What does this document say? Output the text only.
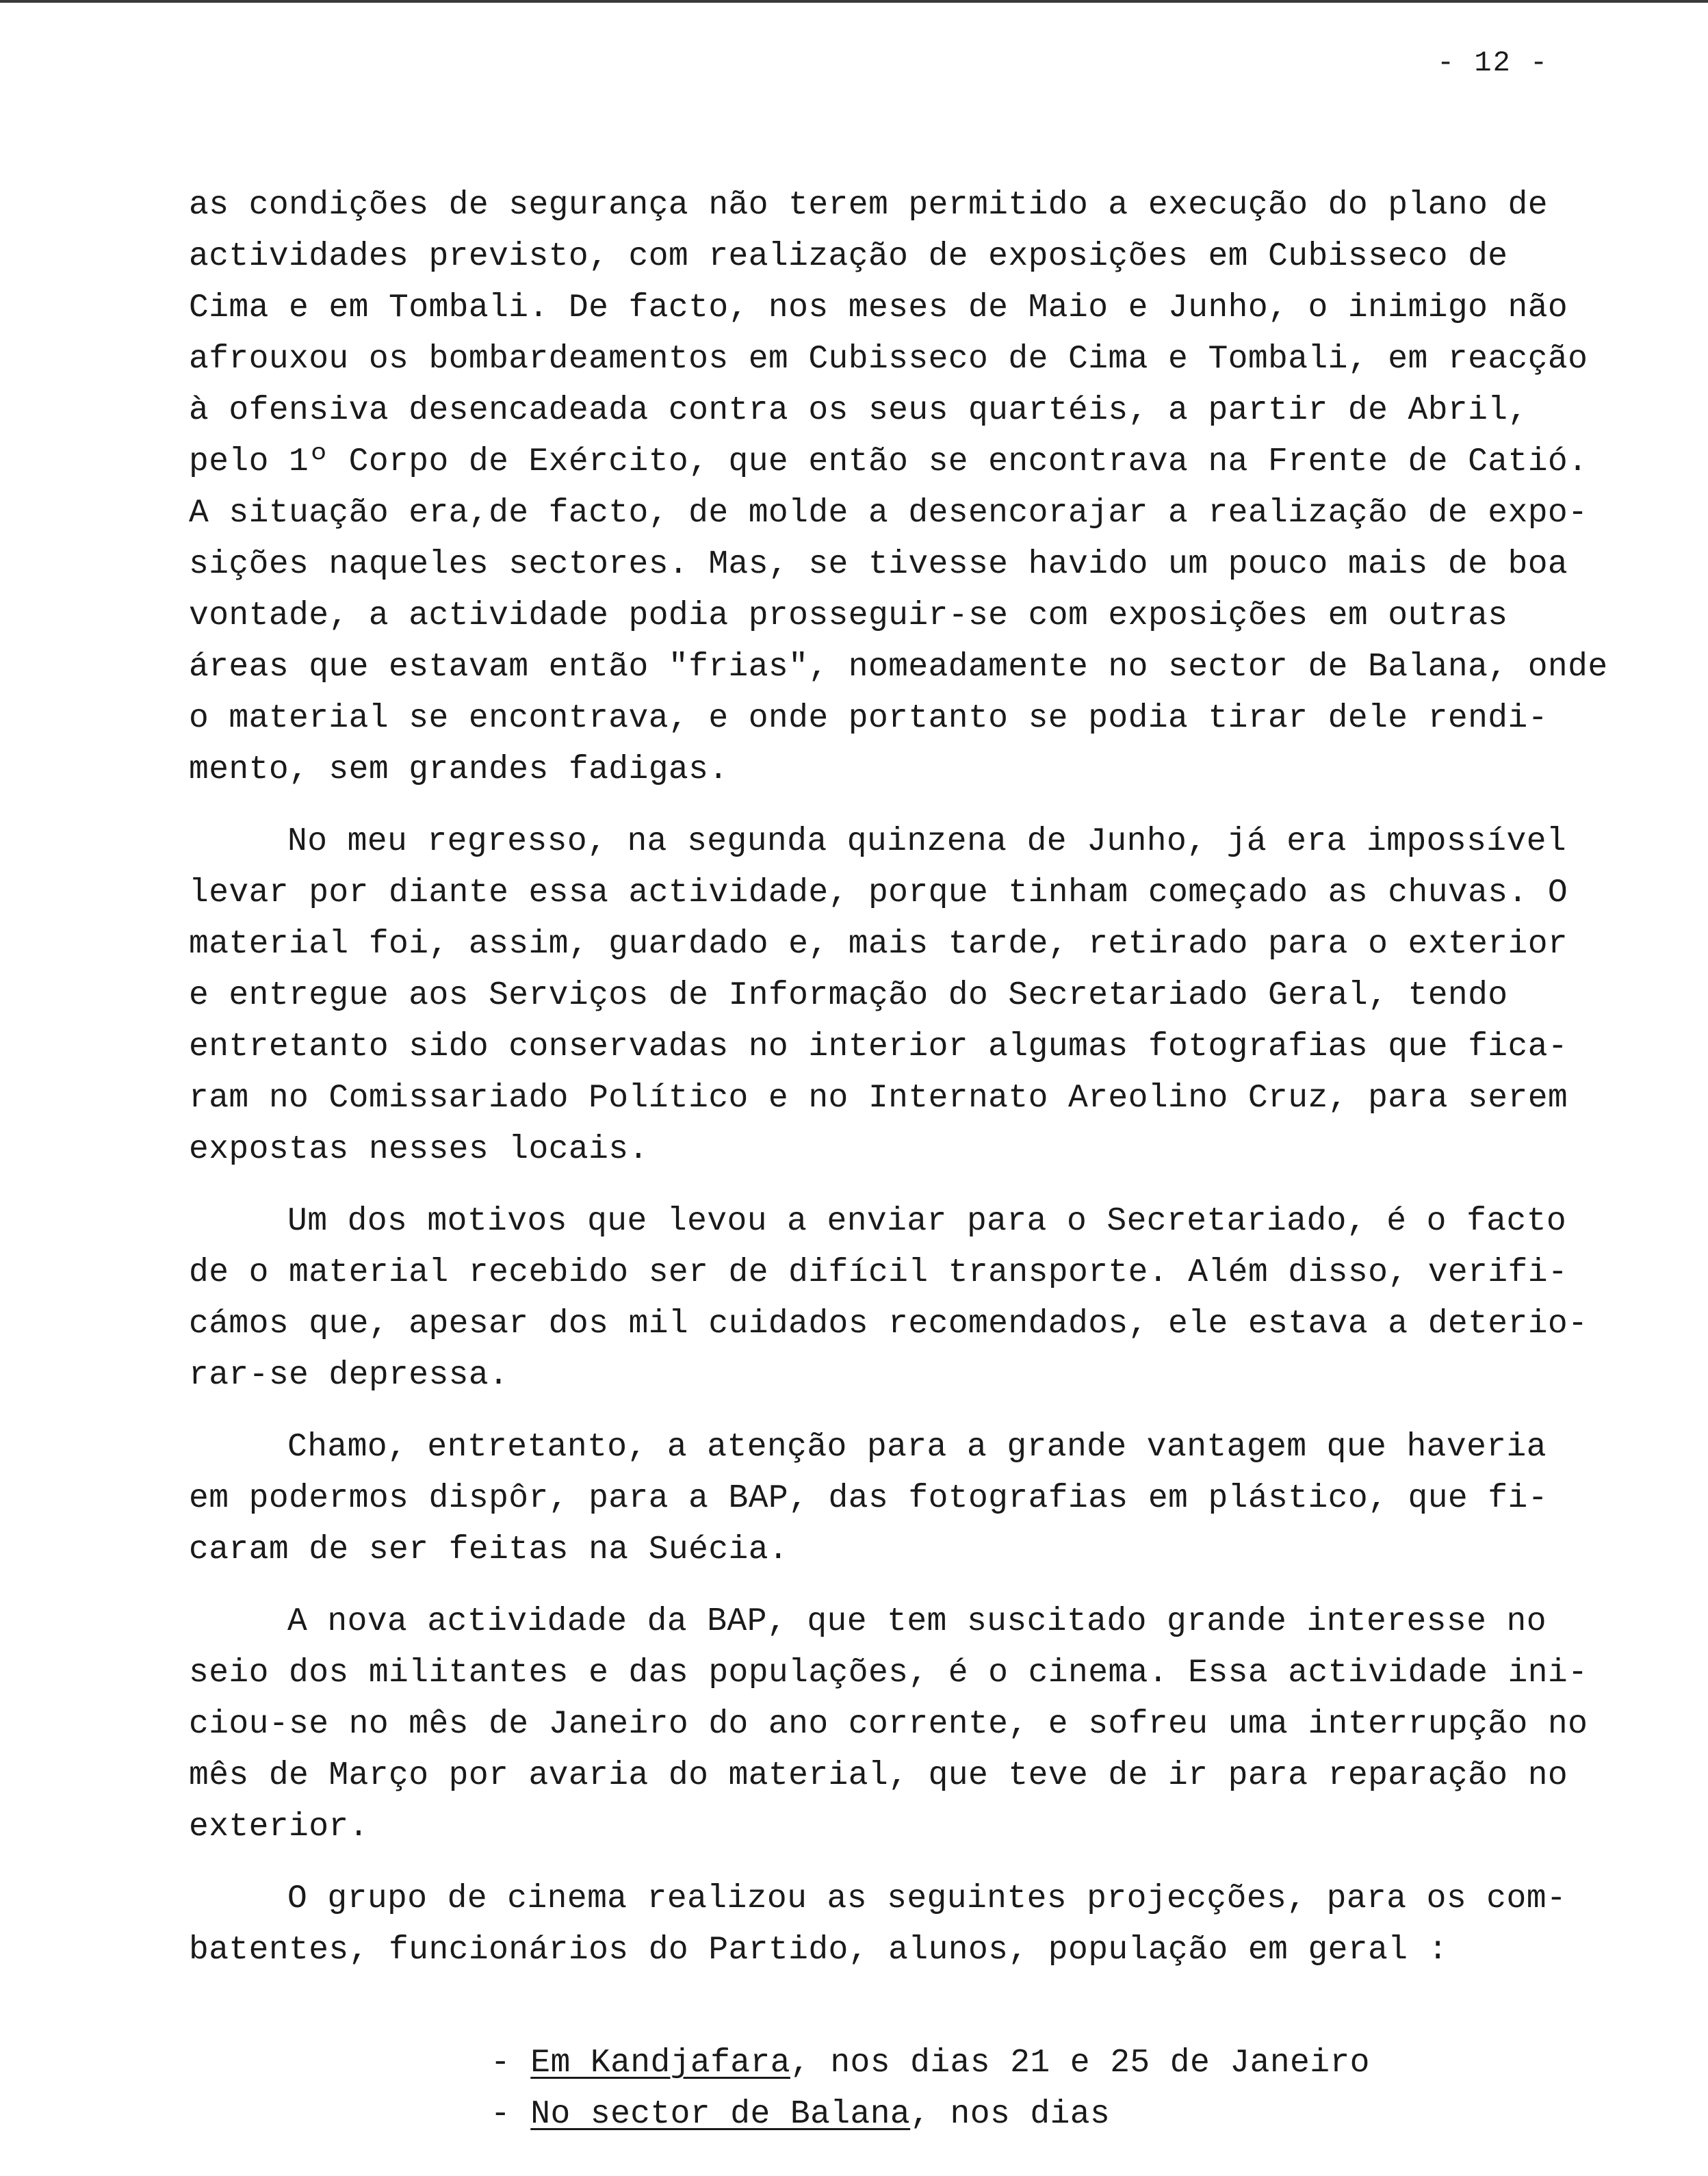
- 12 -
as condições de segurança não terem permitido a execução do plano de
actividades previsto, com realização de exposições em Cubisseco de
Cima e em Tombali. De facto, nos meses de Maio e Junho, o inimigo não
afrouxou os bombardeamentos em Cubisseco de Cima e Tombali, em reacção
à ofensiva desencadeada contra os seus quartéis, a partir de Abril,
pelo 1º Corpo de Exército, que então se encontrava na Frente de Catió.
A situação era,de facto, de molde a desencorajar a realização de expo-
sições naqueles sectores. Mas, se tivesse havido um pouco mais de boa
vontade, a actividade podia prosseguir-se com exposições em outras
áreas que estavam então "frias", nomeadamente no sector de Balana, onde
o material se encontrava, e onde portanto se podia tirar dele rendi-
mento, sem grandes fadigas.
No meu regresso, na segunda quinzena de Junho, já era impossível
levar por diante essa actividade, porque tinham começado as chuvas. O
material foi, assim, guardado e, mais tarde, retirado para o exterior
e entregue aos Serviços de Informação do Secretariado Geral, tendo
entretanto sido conservadas no interior algumas fotografias que fica-
ram no Comissariado Político e no Internato Areolino Cruz, para serem
expostas nesses locais.
Um dos motivos que levou a enviar para o Secretariado, é o facto
de o material recebido ser de difícil transporte. Além disso, verifi-
cámos que, apesar dos mil cuidados recomendados, ele estava a deterio-
rar-se depressa.
Chamo, entretanto, a atenção para a grande vantagem que haveria
em podermos dispôr, para a BAP, das fotografias em plástico, que fi-
caram de ser feitas na Suécia.
A nova actividade da BAP, que tem suscitado grande interesse no
seio dos militantes e das populações, é o cinema. Essa actividade ini-
ciou-se no mês de Janeiro do ano corrente, e sofreu uma interrupção no
mês de Março por avaria do material, que teve de ir para reparação no
exterior.
O grupo de cinema realizou as seguintes projecções, para os com-
batentes, funcionários do Partido, alunos, população em geral :

- Em Kandjafara, nos dias 21 e 25 de Janeiro

- No sector de Balana, nos dias
